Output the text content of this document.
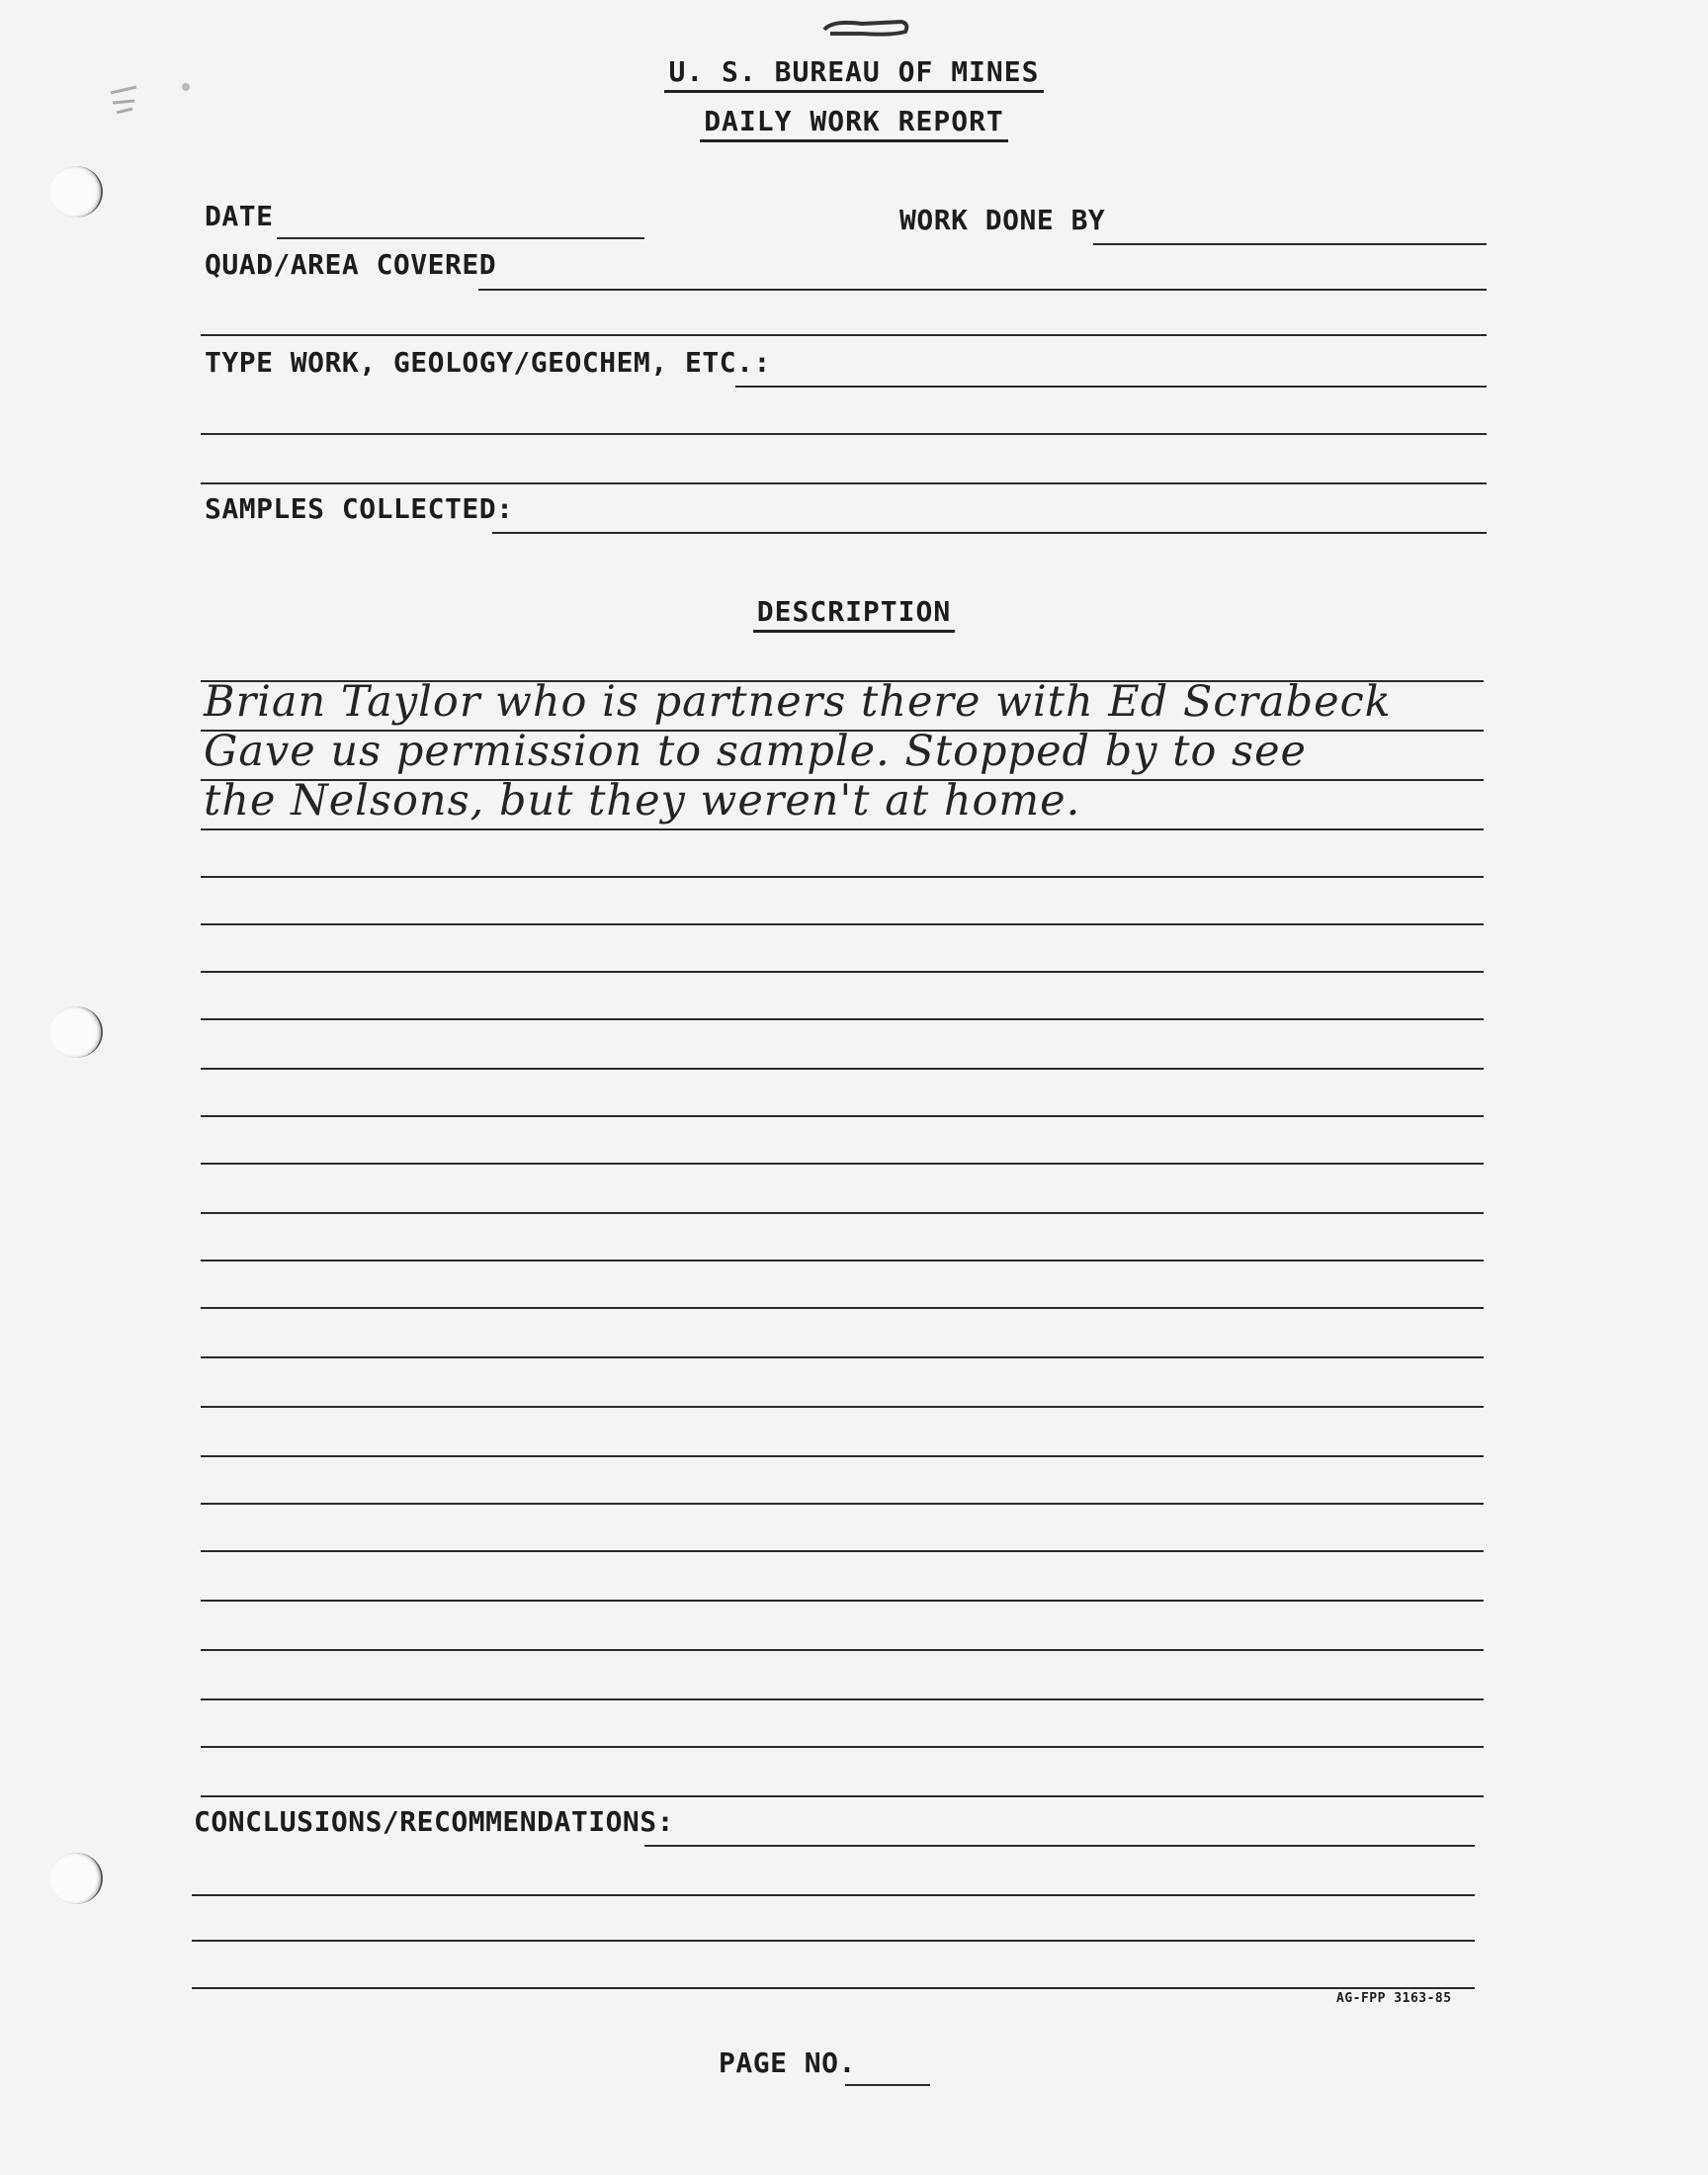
U. S. BUREAU OF MINES
DAILY WORK REPORT
DATE	WORK DONE BY
QUAD/AREA COVERED
TYPE WORK, GEOLOGY/GEOCHEM, ETC.:
SAMPLES COLLECTED:
DESCRIPTION
Brian Taylor who is partners there with Ed Scrabeck
Gave us permission to sample. Stopped by to see
the Nelsons, but they weren't at home.
CONCLUSIONS/RECOMMENDATIONS:
AG-FPP 3163-85
PAGE NO.
